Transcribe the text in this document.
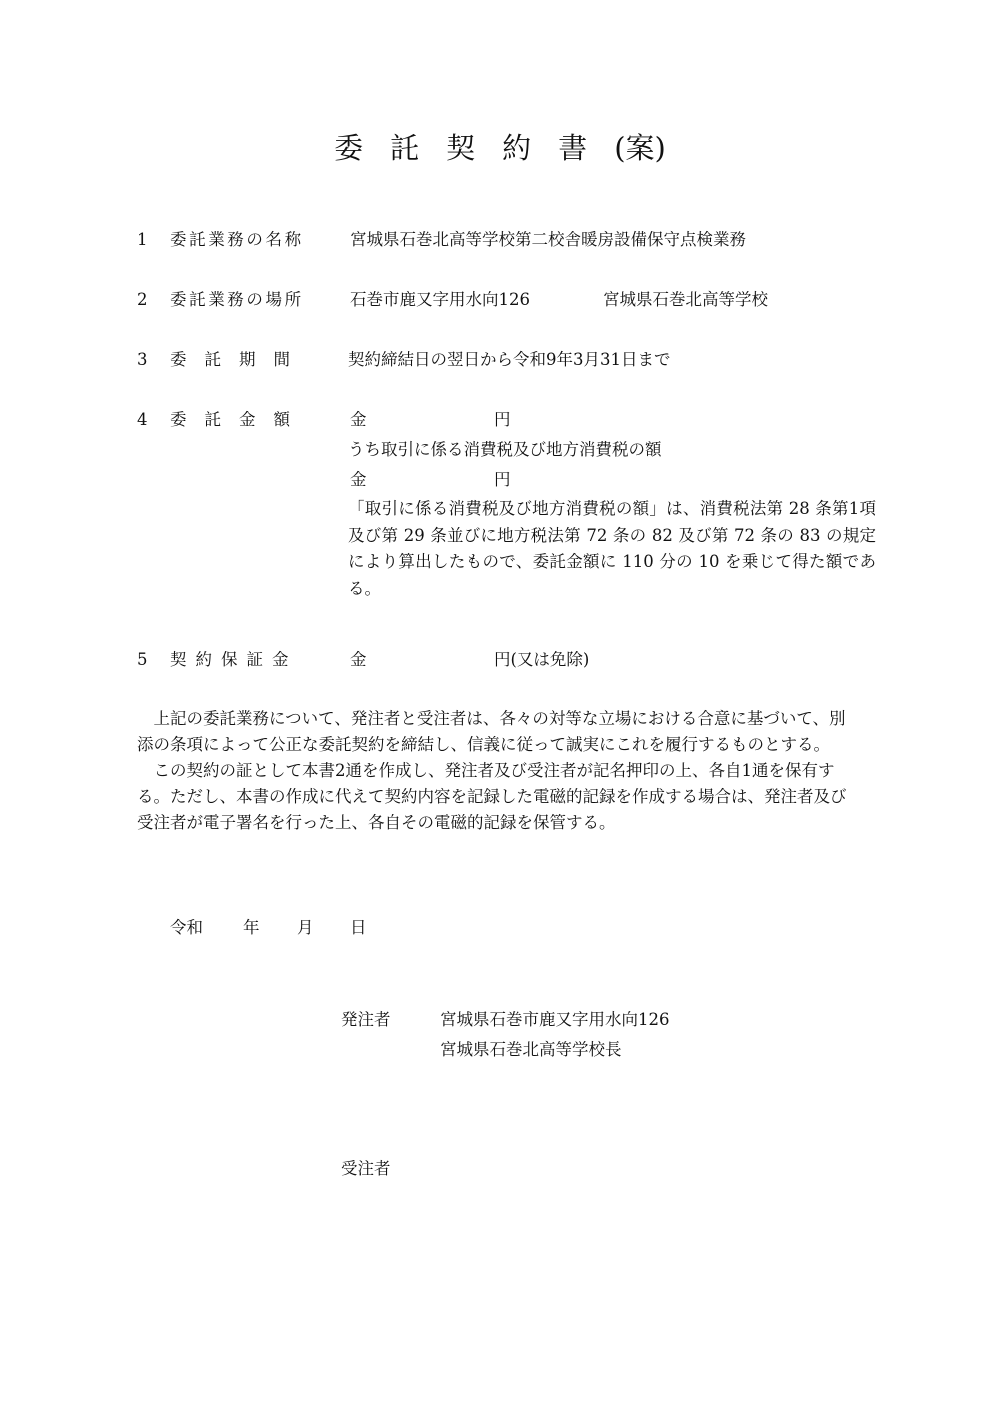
委託契約書(案)
1 委託業務の名称	宮城県石巻北高等学校第二校舎暖房設備保守点検業務
2 委託業務の場所	石巻市鹿又字用水向126	宮城県石巻北高等学校
3 委託期間 契約締結日の翌日から令和9年3月31日まで
4 委託金額	金	円
うち取引に係る消費税及び地方消費税の額
金	円
「取引に係る消費税及び地方消費税の額」は、消費税法第 28 条第1項及び第 29 条並びに地方税法第 72 条の 82 及び第 72 条の 83 の規定により算出したもので、委託金額に 110 分の 10 を乗じて得た額である。
5 契約保証金	金	円(又は免除)

上記の委託業務について、発注者と受注者は、各々の対等な立場における合意に基づいて、別添の条項によって公正な委託契約を締結し、信義に従って誠実にこれを履行するものとする。

この契約の証として本書2通を作成し、発注者及び受注者が記名押印の上、各自1通を保有する。ただし、本書の作成に代えて契約内容を記録した電磁的記録を作成する場合は、発注者及び受注者が電子署名を行った上、各自その電磁的記録を保管する。

令和 年 月 日
発注者	宮城県石巻市鹿又字用水向126
宮城県石巻北高等学校長
受注者
